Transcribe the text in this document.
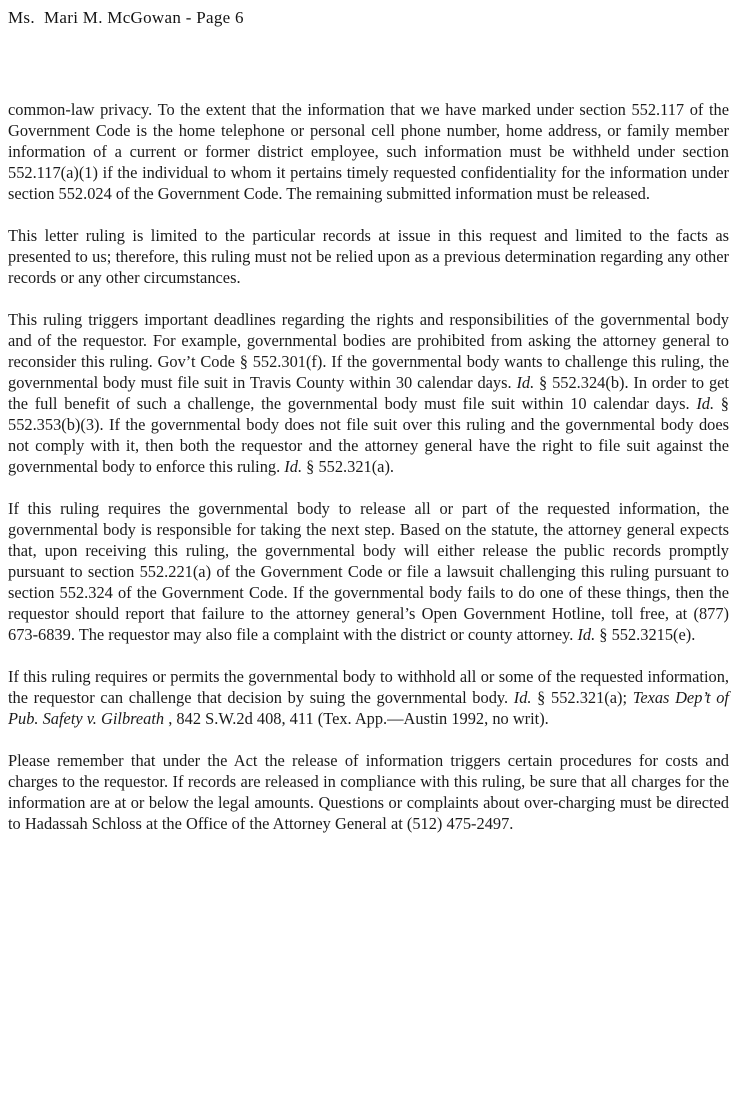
Ms.  Mari M. McGowan - Page 6

common-law privacy. To the extent that the information that we have marked under section 552.117 of the Government Code is the home telephone or personal cell phone number, home address, or family member information of a current or former district employee, such information must be withheld under section 552.117(a)(1) if the individual to whom it pertains timely requested confidentiality for the information under section 552.024 of the Government Code. The remaining submitted information must be released.

This letter ruling is limited to the particular records at issue in this request and limited to the facts as presented to us; therefore, this ruling must not be relied upon as a previous determination regarding any other records or any other circumstances.

This ruling triggers important deadlines regarding the rights and responsibilities of the governmental body and of the requestor. For example, governmental bodies are prohibited from asking the attorney general to reconsider this ruling. Gov’t Code § 552.301(f). If the governmental body wants to challenge this ruling, the governmental body must file suit in Travis County within 30 calendar days. Id. § 552.324(b). In order to get the full benefit of such a challenge, the governmental body must file suit within 10 calendar days. Id. § 552.353(b)(3). If the governmental body does not file suit over this ruling and the governmental body does not comply with it, then both the requestor and the attorney general have the right to file suit against the governmental body to enforce this ruling. Id. § 552.321(a).

If this ruling requires the governmental body to release all or part of the requested information, the governmental body is responsible for taking the next step. Based on the statute, the attorney general expects that, upon receiving this ruling, the governmental body will either release the public records promptly pursuant to section 552.221(a) of the Government Code or file a lawsuit challenging this ruling pursuant to section 552.324 of the Government Code. If the governmental body fails to do one of these things, then the requestor should report that failure to the attorney general’s Open Government Hotline, toll free, at (877) 673-6839. The requestor may also file a complaint with the district or county attorney. Id. § 552.3215(e).

If this ruling requires or permits the governmental body to withhold all or some of the requested information, the requestor can challenge that decision by suing the governmental body. Id. § 552.321(a); Texas Dep’t of Pub. Safety v. Gilbreath , 842 S.W.2d 408, 411 (Tex. App.—Austin 1992, no writ).

Please remember that under the Act the release of information triggers certain procedures for costs and charges to the requestor. If records are released in compliance with this ruling, be sure that all charges for the information are at or below the legal amounts. Questions or complaints about over-charging must be directed to Hadassah Schloss at the Office of the Attorney General at (512) 475-2497.
